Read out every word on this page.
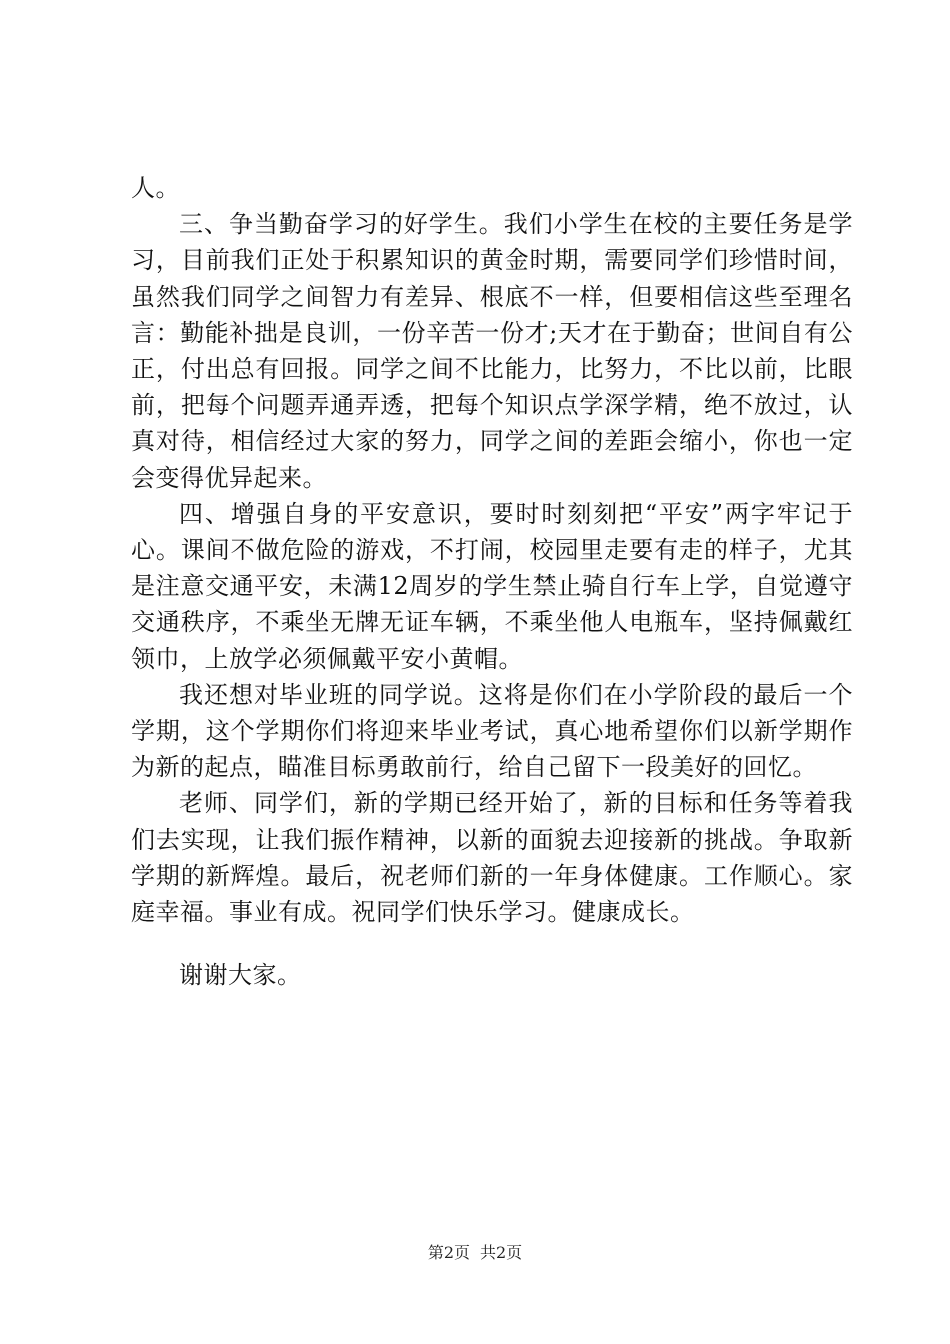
人。

三、争当勤奋学习的好学生。我们小学生在校的主要任务是学习，目前我们正处于积累知识的黄金时期，需要同学们珍惜时间，虽然我们同学之间智力有差异、根底不一样，但要相信这些至理名言：勤能补拙是良训，一份辛苦一份才;天才在于勤奋；世间自有公正，付出总有回报。同学之间不比能力，比努力，不比以前，比眼前，把每个问题弄通弄透，把每个知识点学深学精，绝不放过，认真对待，相信经过大家的努力，同学之间的差距会缩小，你也一定会变得优异起来。

四、增强自身的平安意识，要时时刻刻把“平安”两字牢记于心。课间不做危险的游戏，不打闹，校园里走要有走的样子，尤其是注意交通平安，未满12周岁的学生禁止骑自行车上学，自觉遵守交通秩序，不乘坐无牌无证车辆，不乘坐他人电瓶车，坚持佩戴红领巾，上放学必须佩戴平安小黄帽。

我还想对毕业班的同学说。这将是你们在小学阶段的最后一个学期，这个学期你们将迎来毕业考试，真心地希望你们以新学期作为新的起点，瞄准目标勇敢前行，给自己留下一段美好的回忆。

老师、同学们，新的学期已经开始了，新的目标和任务等着我们去实现，让我们振作精神，以新的面貌去迎接新的挑战。争取新学期的新辉煌。最后，祝老师们新的一年身体健康。工作顺心。家庭幸福。事业有成。祝同学们快乐学习。健康成长。

谢谢大家。

第2页 共2页
